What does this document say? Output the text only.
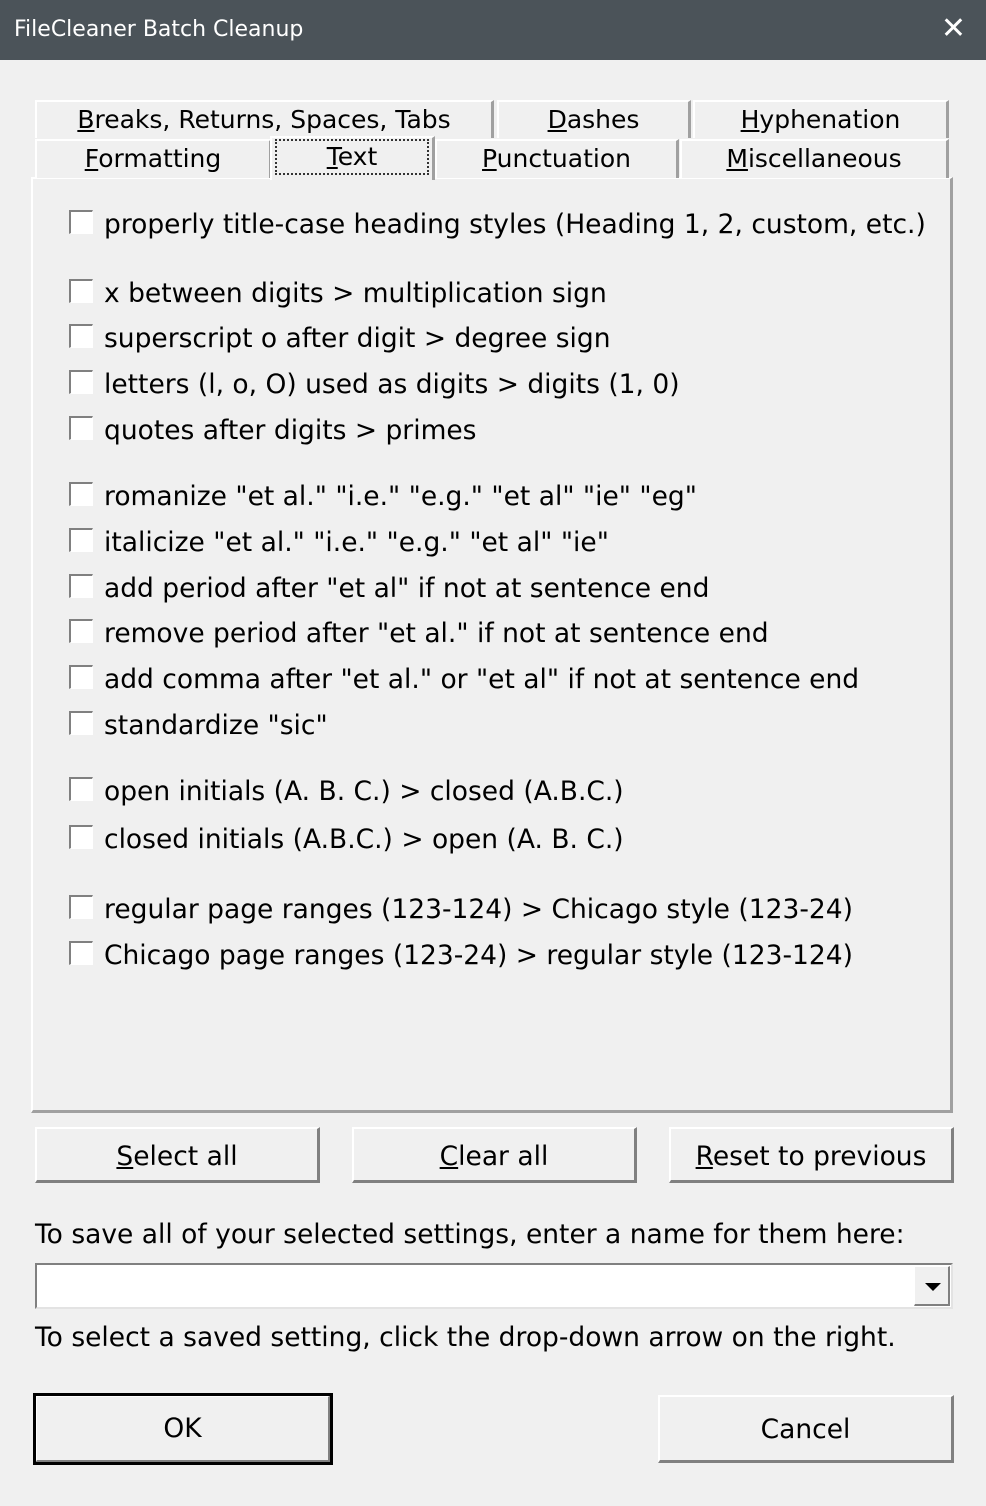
FileCleaner Batch Cleanup	✕
Breaks, Returns, Spaces, Tabs	Dashes	Hyphenation
Formatting	Text	Punctuation	Miscellaneous
properly title-case heading styles (Heading 1, 2, custom, etc.)
x between digits > multiplication sign
superscript o after digit > degree sign
letters (l, o, O) used as digits > digits (1, 0)
quotes after digits > primes
romanize "et al." "i.e." "e.g." "et al" "ie" "eg"
italicize "et al." "i.e." "e.g." "et al" "ie"
add period after "et al" if not at sentence end
remove period after "et al." if not at sentence end
add comma after "et al." or "et al" if not at sentence end
standardize "sic"
open initials (A. B. C.) > closed (A.B.C.)
closed initials (A.B.C.) > open (A. B. C.)
regular page ranges (123-124) > Chicago style (123-24)
Chicago page ranges (123-24) > regular style (123-124)
Select all	Clear all	Reset to previous
To save all of your selected settings, enter a name for them here:
To select a saved setting, click the drop-down arrow on the right.
OK	Cancel
